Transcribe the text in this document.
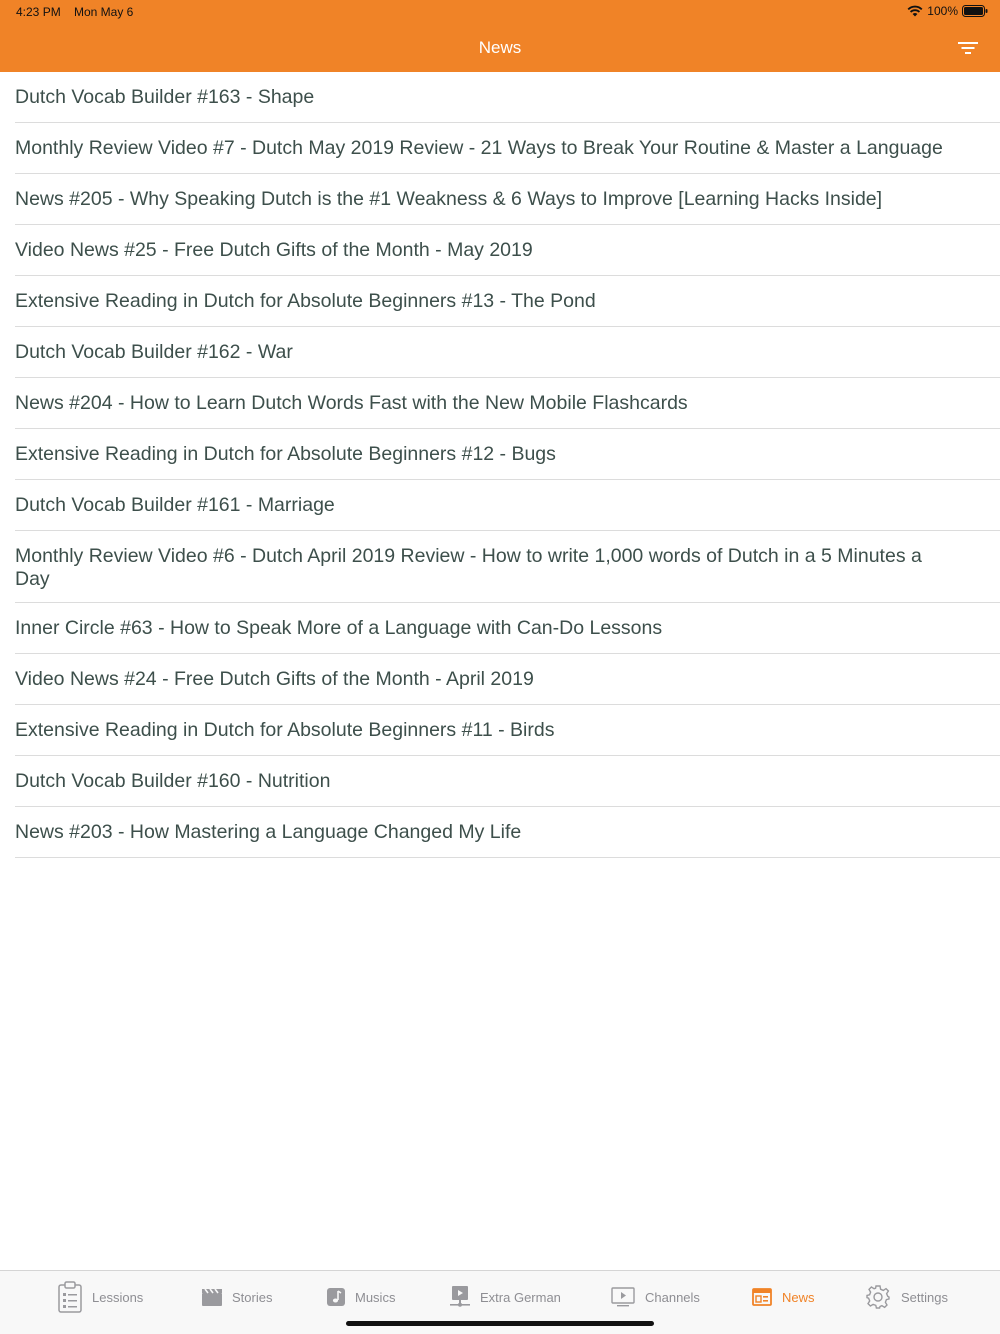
4:23 PM Mon May 6	100%
News
Dutch Vocab Builder #163 - Shape
Monthly Review Video #7 - Dutch May 2019 Review - 21 Ways to Break Your Routine & Master a Language
News #205 - Why Speaking Dutch is the #1 Weakness & 6 Ways to Improve [Learning Hacks Inside]
Video News #25 - Free Dutch Gifts of the Month - May 2019
Extensive Reading in Dutch for Absolute Beginners #13 - The Pond
Dutch Vocab Builder #162 - War
News #204 - How to Learn Dutch Words Fast with the New Mobile Flashcards
Extensive Reading in Dutch for Absolute Beginners #12 - Bugs
Dutch Vocab Builder #161 - Marriage
Monthly Review Video #6 - Dutch April 2019 Review - How to write 1,000 words of Dutch in a 5 Minutes a Day
Inner Circle #63 - How to Speak More of a Language with Can-Do Lessons
Video News #24 - Free Dutch Gifts of the Month - April 2019
Extensive Reading in Dutch for Absolute Beginners #11 - Birds
Dutch Vocab Builder #160 - Nutrition
News #203 - How Mastering a Language Changed My Life
Lessions	Stories	Musics	Extra German	Channels	News	Settings
